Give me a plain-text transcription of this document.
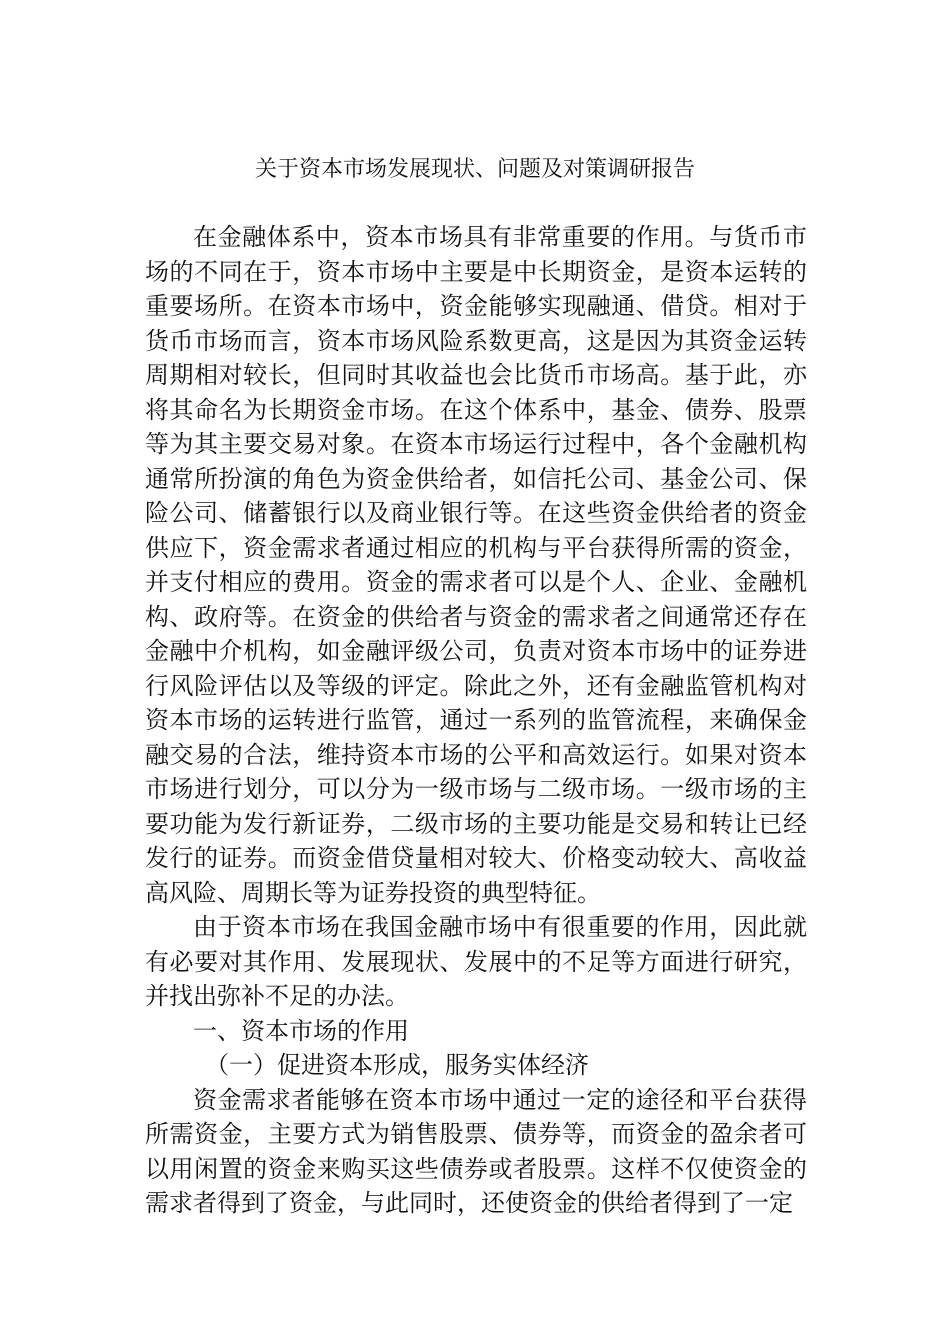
关于资本市场发展现状、问题及对策调研报告

在金融体系中，资本市场具有非常重要的作用。与货币市场的不同在于，资本市场中主要是中长期资金，是资本运转的重要场所。在资本市场中，资金能够实现融通、借贷。相对于货币市场而言，资本市场风险系数更高，这是因为其资金运转周期相对较长，但同时其收益也会比货币市场高。基于此，亦将其命名为长期资金市场。在这个体系中，基金、债券、股票等为其主要交易对象。在资本市场运行过程中，各个金融机构通常所扮演的角色为资金供给者，如信托公司、基金公司、保险公司、储蓄银行以及商业银行等。在这些资金供给者的资金供应下，资金需求者通过相应的机构与平台获得所需的资金，并支付相应的费用。资金的需求者可以是个人、企业、金融机构、政府等。在资金的供给者与资金的需求者之间通常还存在金融中介机构，如金融评级公司，负责对资本市场中的证券进行风险评估以及等级的评定。除此之外，还有金融监管机构对资本市场的运转进行监管，通过一系列的监管流程，来确保金融交易的合法，维持资本市场的公平和高效运行。如果对资本市场进行划分，可以分为一级市场与二级市场。一级市场的主要功能为发行新证券，二级市场的主要功能是交易和转让已经发行的证券。而资金借贷量相对较大、价格变动较大、高收益高风险、周期长等为证券投资的典型特征。

由于资本市场在我国金融市场中有很重要的作用，因此就有必要对其作用、发展现状、发展中的不足等方面进行研究，并找出弥补不足的办法。

一、资本市场的作用

（一）促进资本形成，服务实体经济

资金需求者能够在资本市场中通过一定的途径和平台获得所需资金，主要方式为销售股票、债券等，而资金的盈余者可以用闲置的资金来购买这些债券或者股票。这样不仅使资金的需求者得到了资金，与此同时，还使资金的供给者得到了一定
